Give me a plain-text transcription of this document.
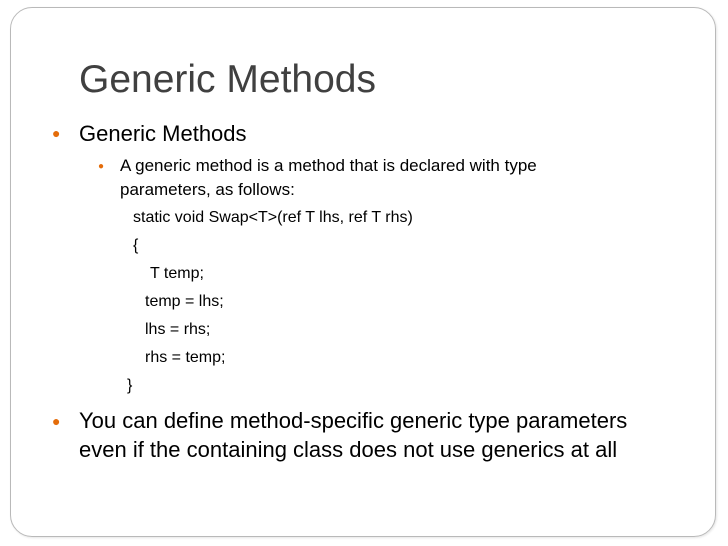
Generic Methods
● Generic Methods
● A generic method is a method that is declared with type
parameters, as follows:
static void Swap<T>(ref T lhs, ref T rhs)
{
T temp;
temp = lhs;
lhs = rhs;
rhs = temp;
}
● You can define method-specific generic type parameters
even if the containing class does not use generics at all
